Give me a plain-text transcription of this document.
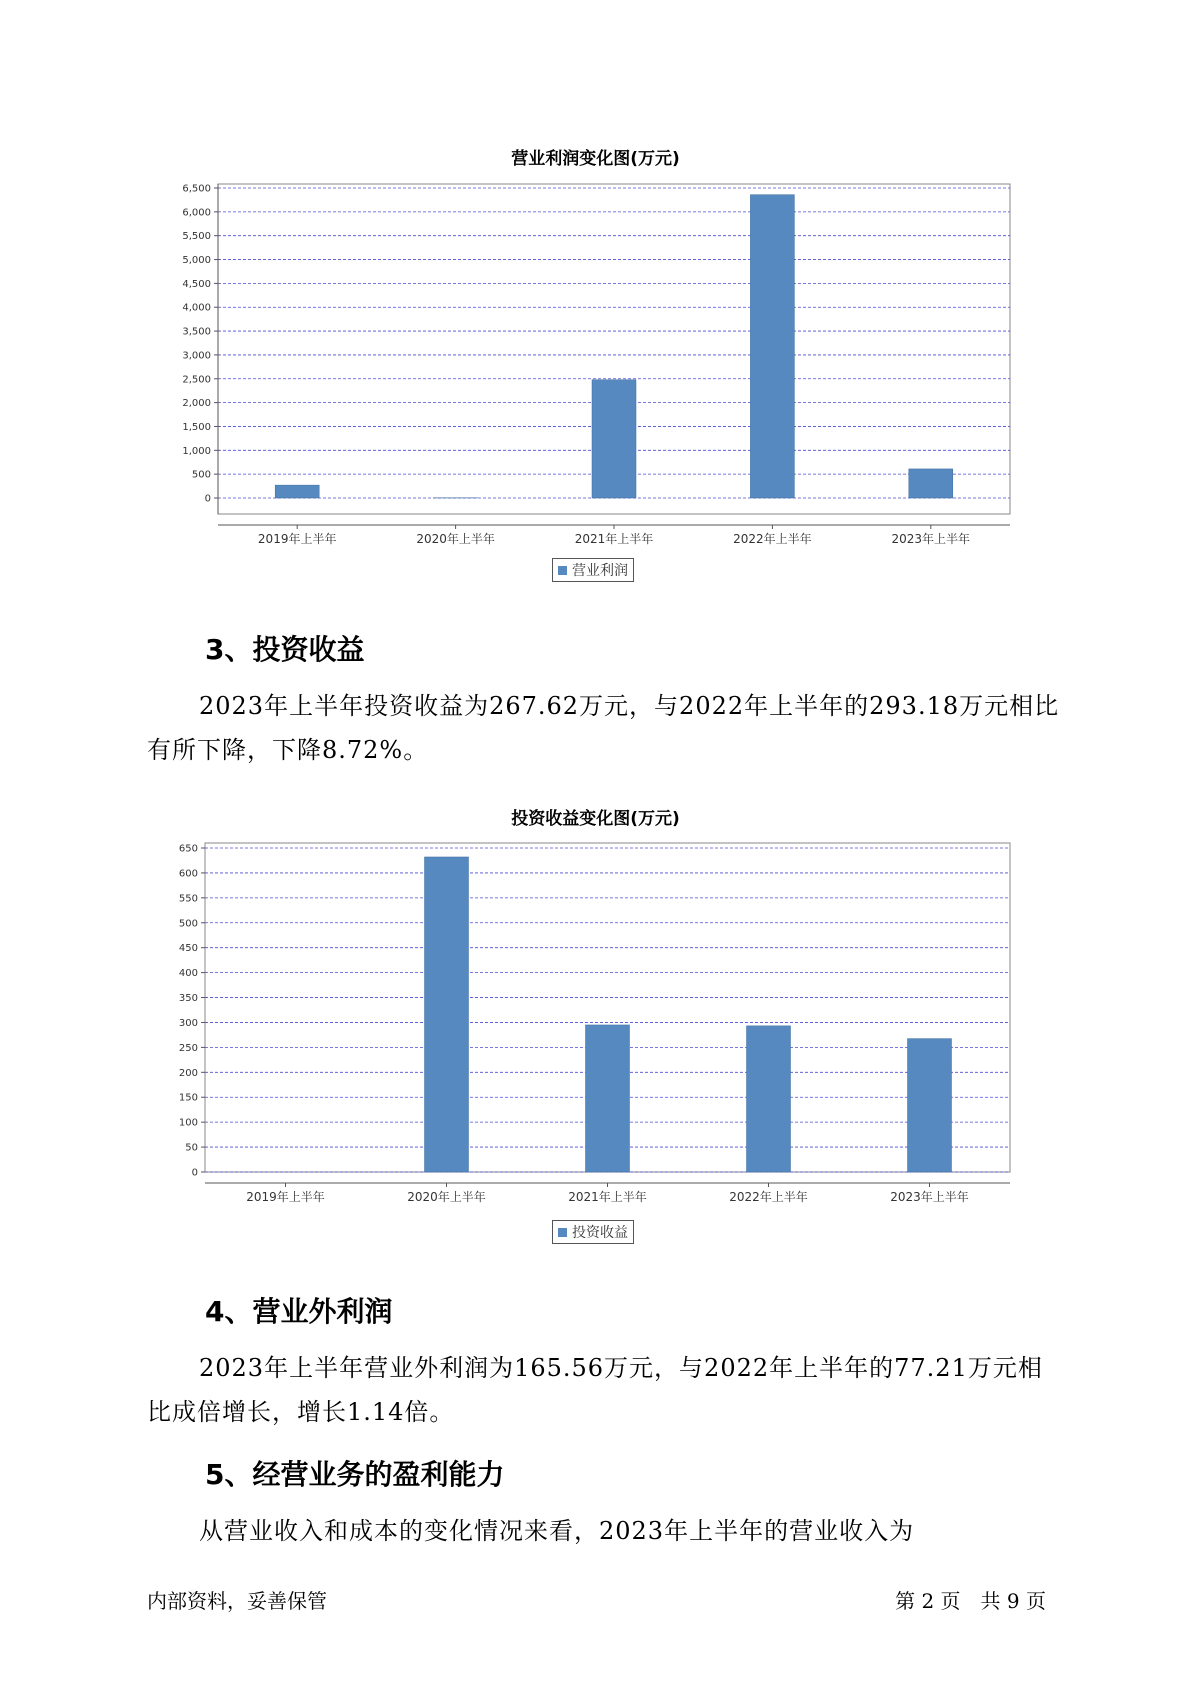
营业利润变化图(万元)
0
500
1,000
1,500
2,000
2,500
3,000
3,500
4,000
4,500
5,000
5,500
6,000
6,500
2019年上半年	2020年上半年	2021年上半年	2022年上半年	2023年上半年
营业利润
3、投资收益

2023年上半年投资收益为267.62万元，与2022年上半年的293.18万元相比有所下降，下降8.72%。

投资收益变化图(万元)
0
50
100
150
200
250
300
350
400
450
500
550
600
650
2019年上半年	2020年上半年	2021年上半年	2022年上半年	2023年上半年
投资收益
4、营业外利润

2023年上半年营业外利润为165.56万元，与2022年上半年的77.21万元相比成倍增长，增长1.14倍。

5、经营业务的盈利能力

从营业收入和成本的变化情况来看，2023年上半年的营业收入为

内部资料，妥善保管	第 2 页　共 9 页
